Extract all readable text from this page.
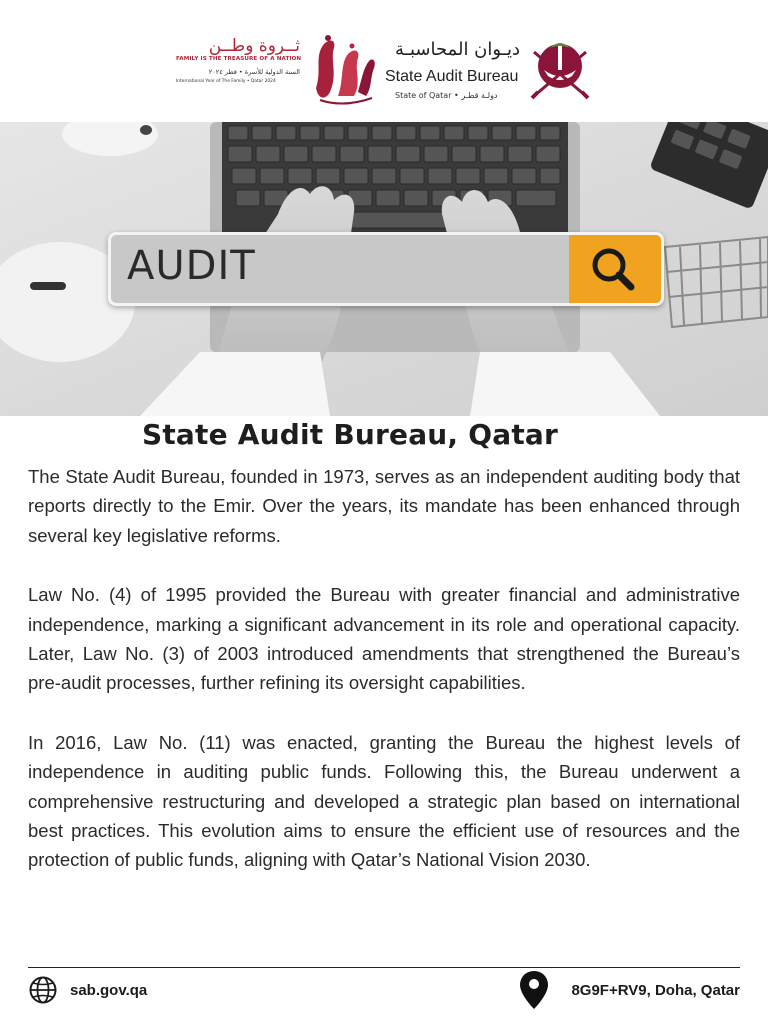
ثــروة وطــن
FAMILY IS THE TREASURE OF A NATION
السنة الدولية للأسرة • قطر ٢٠٢٤
International Year of The Family • Qatar 2024
ديـوان المحاسبـة
State Audit Bureau
State of Qatar • دولـة قطـر
AUDIT
State Audit Bureau, Qatar

The State Audit Bureau, founded in 1973, serves as an independent auditing body that reports directly to the Emir. Over the years, its mandate has been enhanced through several key legislative reforms.

Law No. (4) of 1995 provided the Bureau with greater financial and administrative independence, marking a significant advancement in its role and operational capacity. Later, Law No. (3) of 2003 introduced amendments that strengthened the Bureau’s pre-audit processes, further refining its oversight capabilities.

In 2016, Law No. (11) was enacted, granting the Bureau the highest levels of independence in auditing public funds. Following this, the Bureau underwent a comprehensive restructuring and developed a strategic plan based on international best practices. This evolution aims to ensure the efficient use of resources and the protection of public funds, aligning with Qatar’s National Vision 2030.

sab.gov.qa	8G9F+RV9, Doha, Qatar
